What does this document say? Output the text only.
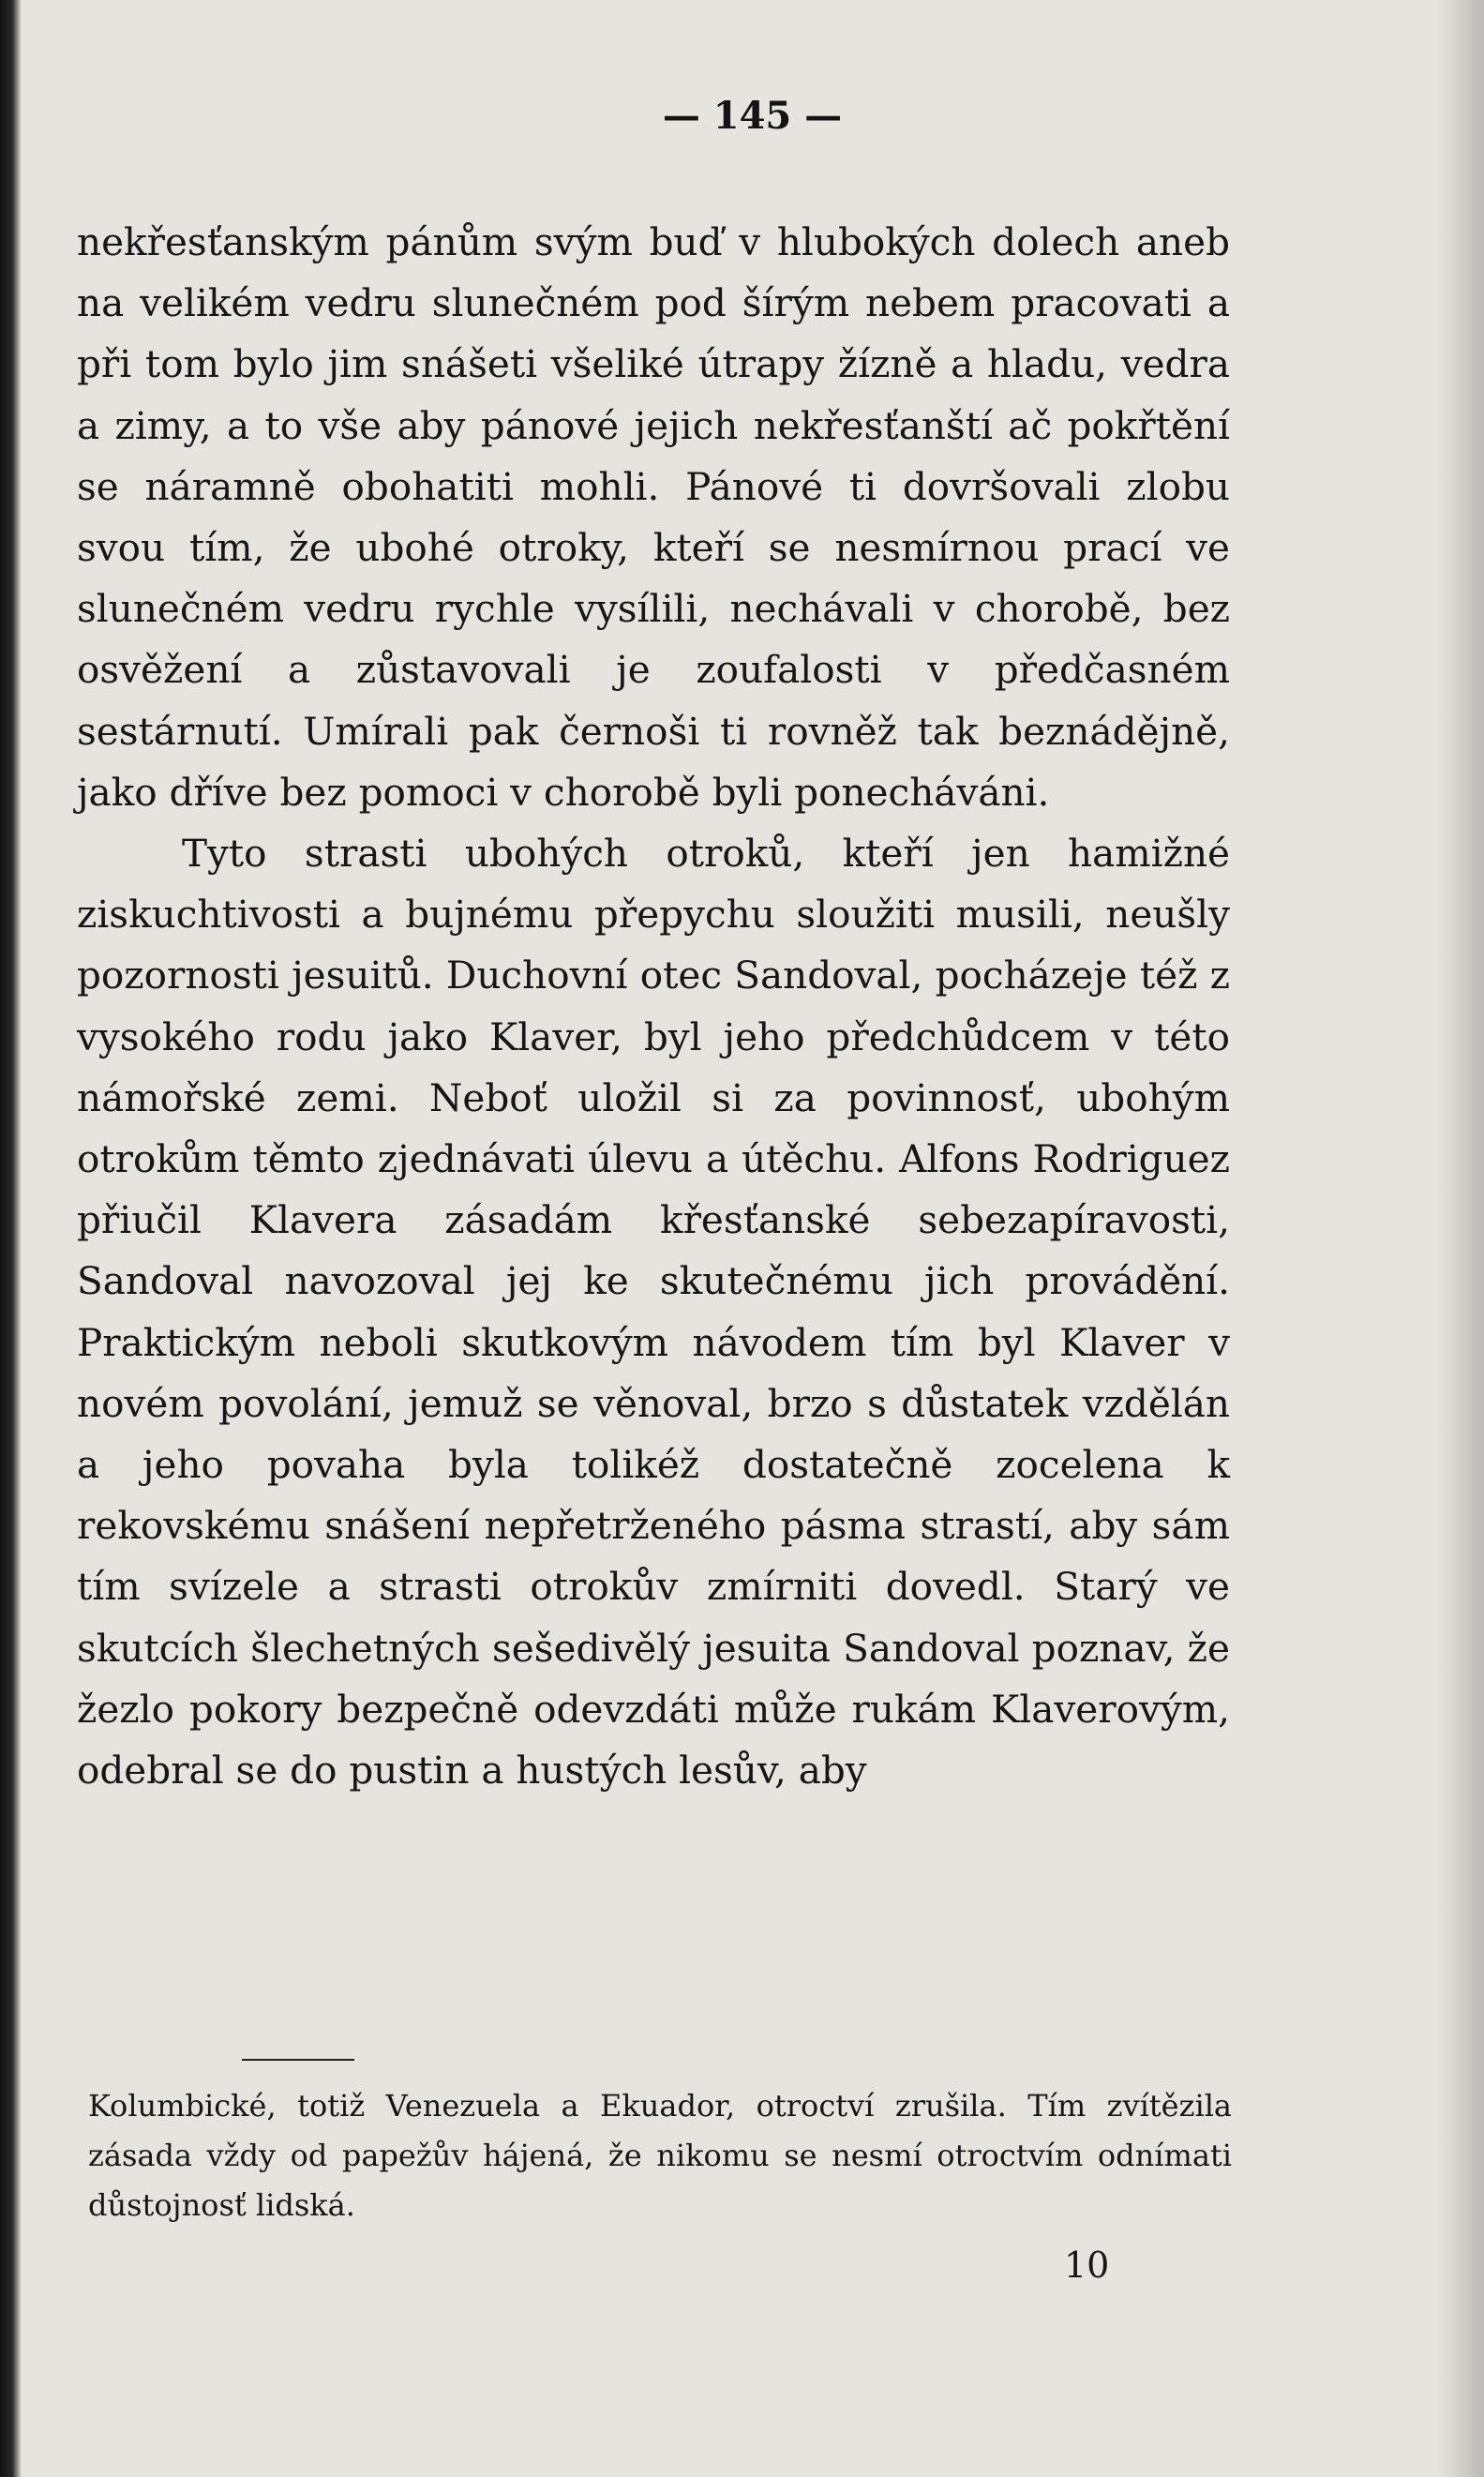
— 145 —

nekřesťanským pánům svým buď v hlubokých dolech aneb na velikém vedru slunečném pod šírým nebem pracovati a při tom bylo jim snášeti všeliké útrapy žízně a hladu, vedra a zimy, a to vše aby pánové jejich nekřesťanští ač pokřtění se náramně obohatiti mohli. Pánové ti dovršovali zlobu svou tím, že ubohé otroky, kteří se nesmírnou prací ve slunečném vedru rychle vysílili, nechávali v chorobě, bez osvěžení a zůstavovali je zoufalosti v předčasném sestárnutí. Umírali pak černoši ti rovněž tak beznádějně, jako dříve bez pomoci v chorobě byli ponecháváni.

Tyto strasti ubohých otroků, kteří jen hamižné ziskuchtivosti a bujnému přepychu sloužiti musili, neušly pozornosti jesuitů. Duchovní otec Sandoval, pocházeje též z vysokého rodu jako Klaver, byl jeho předchůdcem v této námořské zemi. Neboť uložil si za povinnosť, ubohým otrokům těmto zjednávati úlevu a útěchu. Alfons Rodriguez přiučil Klavera zásadám křesťanské sebezapíravosti, Sandoval navozoval jej ke skutečnému jich provádění. Praktickým neboli skutkovým návodem tím byl Klaver v novém povolání, jemuž se věnoval, brzo s důstatek vzdělán a jeho povaha byla tolikéž dostatečně zocelena k rekovskému snášení nepřetrženého pásma strastí, aby sám tím svízele a strasti otrokův zmírniti dovedl. Starý ve skutcích šlechetných sešedivělý jesuita Sandoval poznav, že žezlo pokory bezpečně odevzdáti může rukám Klaverovým, odebral se do pustin a hustých lesův, aby

Kolumbické, totiž Venezuela a Ekuador, otroctví zrušila. Tím zvítězila zásada vždy od papežův hájená, že nikomu se nesmí otroctvím odnímati důstojnosť lidská.

10
